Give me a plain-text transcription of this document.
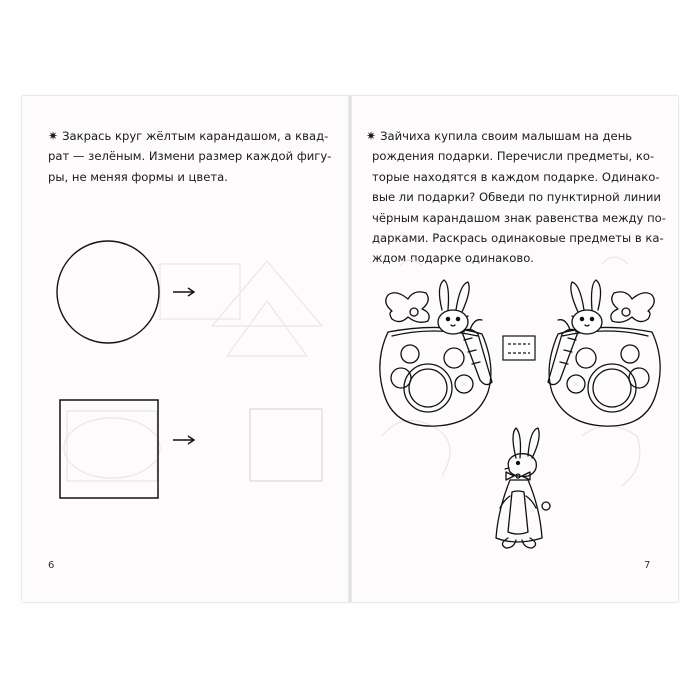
✷ Закрась круг жёлтым карандашом, а квад-
рат — зелёным. Измени размер каждой фигу-
ры, не меняя формы и цвета.
6
✷ Зайчиха купила своим малышам на день
рождения подарки. Перечисли предметы, ко-
торые находятся в каждом подарке. Одинако-
вые ли подарки? Обведи по пунктирной линии
чёрным карандашом знак равенства между по-
дарками. Раскрась одинаковые предметы в ка-
ждом подарке одинаково.
7
